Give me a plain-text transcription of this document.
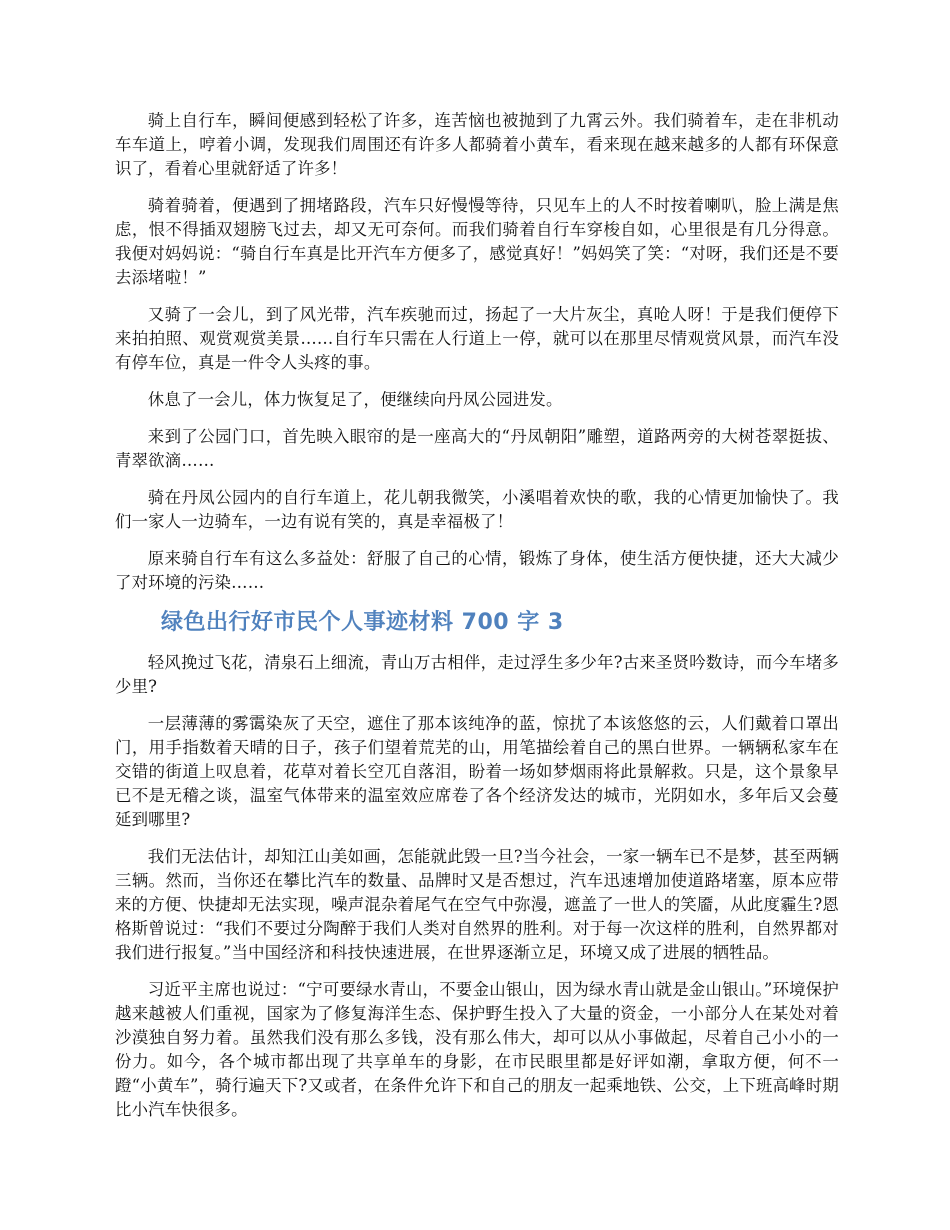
骑上自行车，瞬间便感到轻松了许多，连苦恼也被抛到了九霄云外。我们骑着车，走在非机动车车道上，哼着小调，发现我们周围还有许多人都骑着小黄车，看来现在越来越多的人都有环保意识了，看着心里就舒适了许多！

骑着骑着，便遇到了拥堵路段，汽车只好慢慢等待，只见车上的人不时按着喇叭，脸上满是焦虑，恨不得插双翅膀飞过去，却又无可奈何。而我们骑着自行车穿梭自如，心里很是有几分得意。我便对妈妈说：“骑自行车真是比开汽车方便多了，感觉真好！”妈妈笑了笑：“对呀，我们还是不要去添堵啦！”

又骑了一会儿，到了风光带，汽车疾驰而过，扬起了一大片灰尘，真呛人呀！于是我们便停下来拍拍照、观赏观赏美景……自行车只需在人行道上一停，就可以在那里尽情观赏风景，而汽车没有停车位，真是一件令人头疼的事。

休息了一会儿，体力恢复足了，便继续向丹凤公园进发。

来到了公园门口，首先映入眼帘的是一座高大的“丹凤朝阳”雕塑，道路两旁的大树苍翠挺拔、青翠欲滴……

骑在丹凤公园内的自行车道上，花儿朝我微笑，小溪唱着欢快的歌，我的心情更加愉快了。我们一家人一边骑车，一边有说有笑的，真是幸福极了！

原来骑自行车有这么多益处：舒服了自己的心情，锻炼了身体，使生活方便快捷，还大大减少了对环境的污染……

绿色出行好市民个人事迹材料 700 字 3

轻风挽过飞花，清泉石上细流，青山万古相伴，走过浮生多少年?古来圣贤吟数诗，而今车堵多少里?

一层薄薄的雾霭染灰了天空，遮住了那本该纯净的蓝，惊扰了本该悠悠的云，人们戴着口罩出门，用手指数着天晴的日子，孩子们望着荒芜的山，用笔描绘着自己的黑白世界。一辆辆私家车在交错的街道上叹息着，花草对着长空兀自落泪，盼着一场如梦烟雨将此景解救。只是，这个景象早已不是无稽之谈，温室气体带来的温室效应席卷了各个经济发达的城市，光阴如水，多年后又会蔓延到哪里?

我们无法估计，却知江山美如画，怎能就此毁一旦?当今社会，一家一辆车已不是梦，甚至两辆三辆。然而，当你还在攀比汽车的数量、品牌时又是否想过，汽车迅速增加使道路堵塞，原本应带来的方便、快捷却无法实现，噪声混杂着尾气在空气中弥漫，遮盖了一世人的笑靥，从此度霾生?恩格斯曾说过：“我们不要过分陶醉于我们人类对自然界的胜利。对于每一次这样的胜利，自然界都对我们进行报复。”当中国经济和科技快速进展，在世界逐渐立足，环境又成了进展的牺牲品。

习近平主席也说过：“宁可要绿水青山，不要金山银山，因为绿水青山就是金山银山。”环境保护越来越被人们重视，国家为了修复海洋生态、保护野生投入了大量的资金，一小部分人在某处对着沙漠独自努力着。虽然我们没有那么多钱，没有那么伟大，却可以从小事做起，尽着自己小小的一份力。如今，各个城市都出现了共享单车的身影，在市民眼里都是好评如潮，拿取方便，何不一蹬“小黄车”，骑行遍天下?又或者，在条件允许下和自己的朋友一起乘地铁、公交，上下班高峰时期比小汽车快很多。
